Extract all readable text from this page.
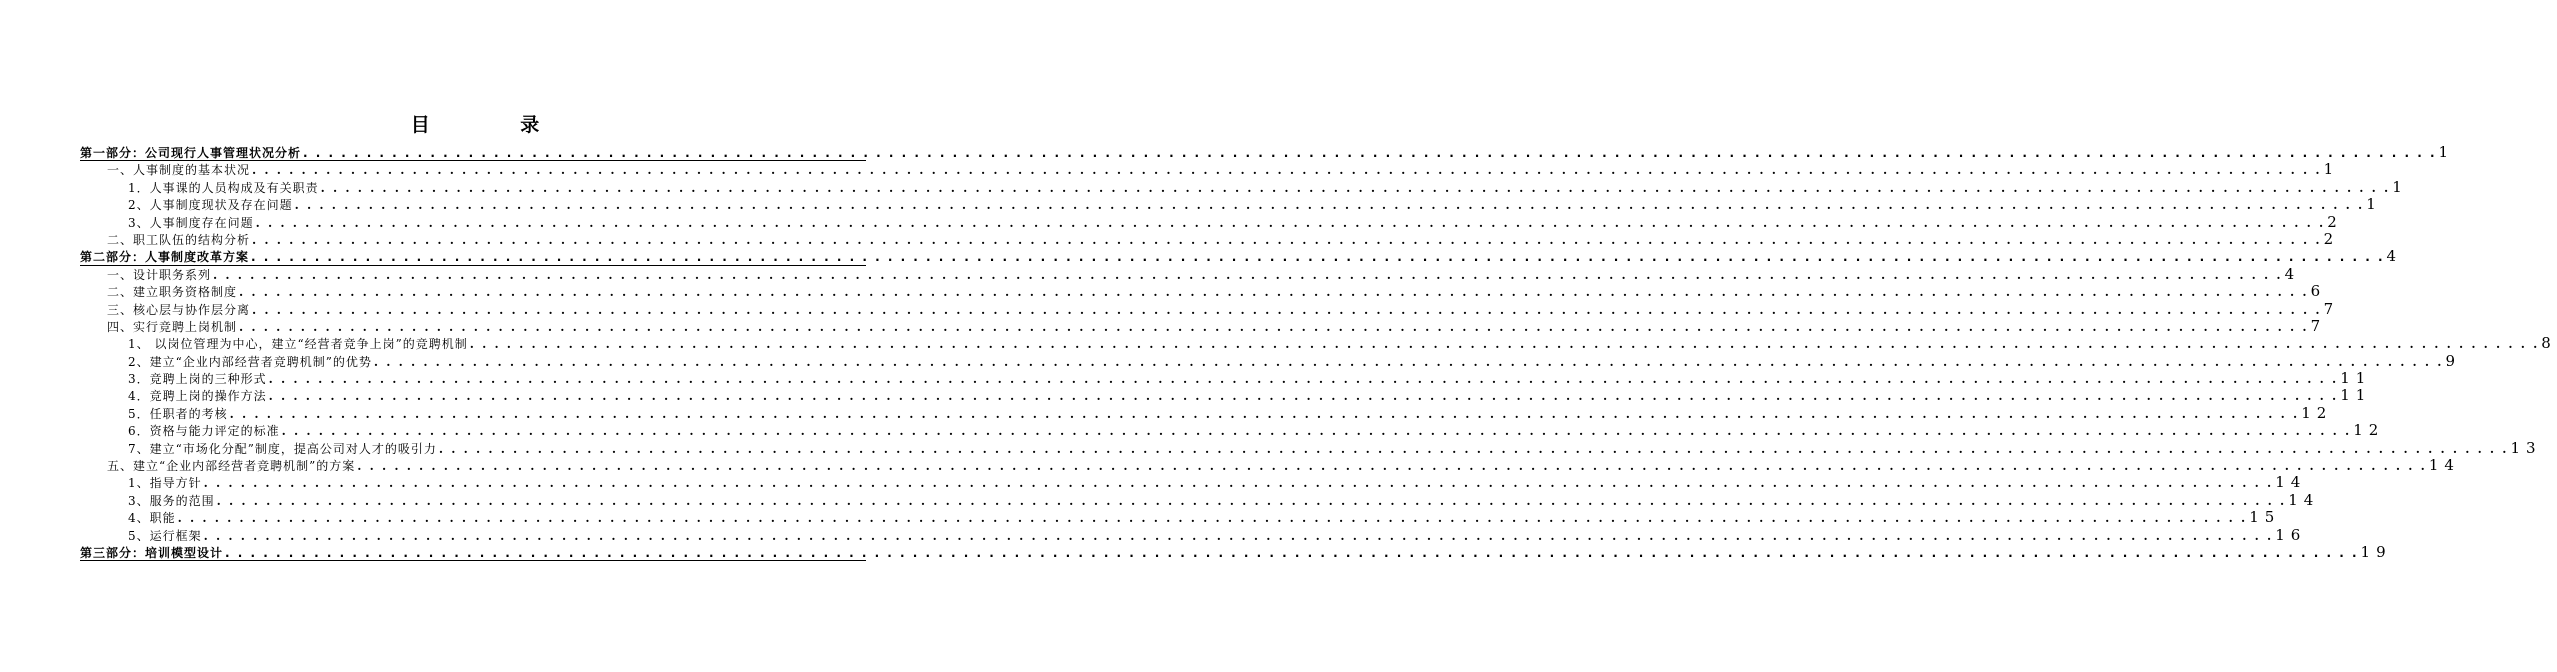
目 录
第一部分：公司现行人事管理状况分析 . . .	1
一、人事制度的基本状况 . . .	1
1．人事课的人员构成及有关职责 . . .	1
2、人事制度现状及存在问题 . . .	1
3、人事制度存在问题 . . .	2
二、职工队伍的结构分析 . . .	2
第二部分：人事制度改革方案 . . .	4
一、设计职务系列 . . .	4
二、建立职务资格制度 . . .	6
三、核心层与协作层分离 . . .	7
四、实行竞聘上岗机制 . . .	7
1、 以岗位管理为中心，建立“经营者竞争上岗”的竞聘机制 . . .	8
2、建立“企业内部经营者竞聘机制”的优势 . . .	9
3．竞聘上岗的三种形式 . . .	11
4．竞聘上岗的操作方法 . . .	11
5．任职者的考核 . . .	12
6．资格与能力评定的标准 . . .	12
7、建立“市场化分配”制度，提高公司对人才的吸引力 . . .	13
五、建立“企业内部经营者竞聘机制”的方案 . . .	14
1、指导方针 . . .	14
3、服务的范围 . . .	14
4、职能 . . .	15
5、运行框架 . . .	16
第三部分：培训模型设计 . . .	19
